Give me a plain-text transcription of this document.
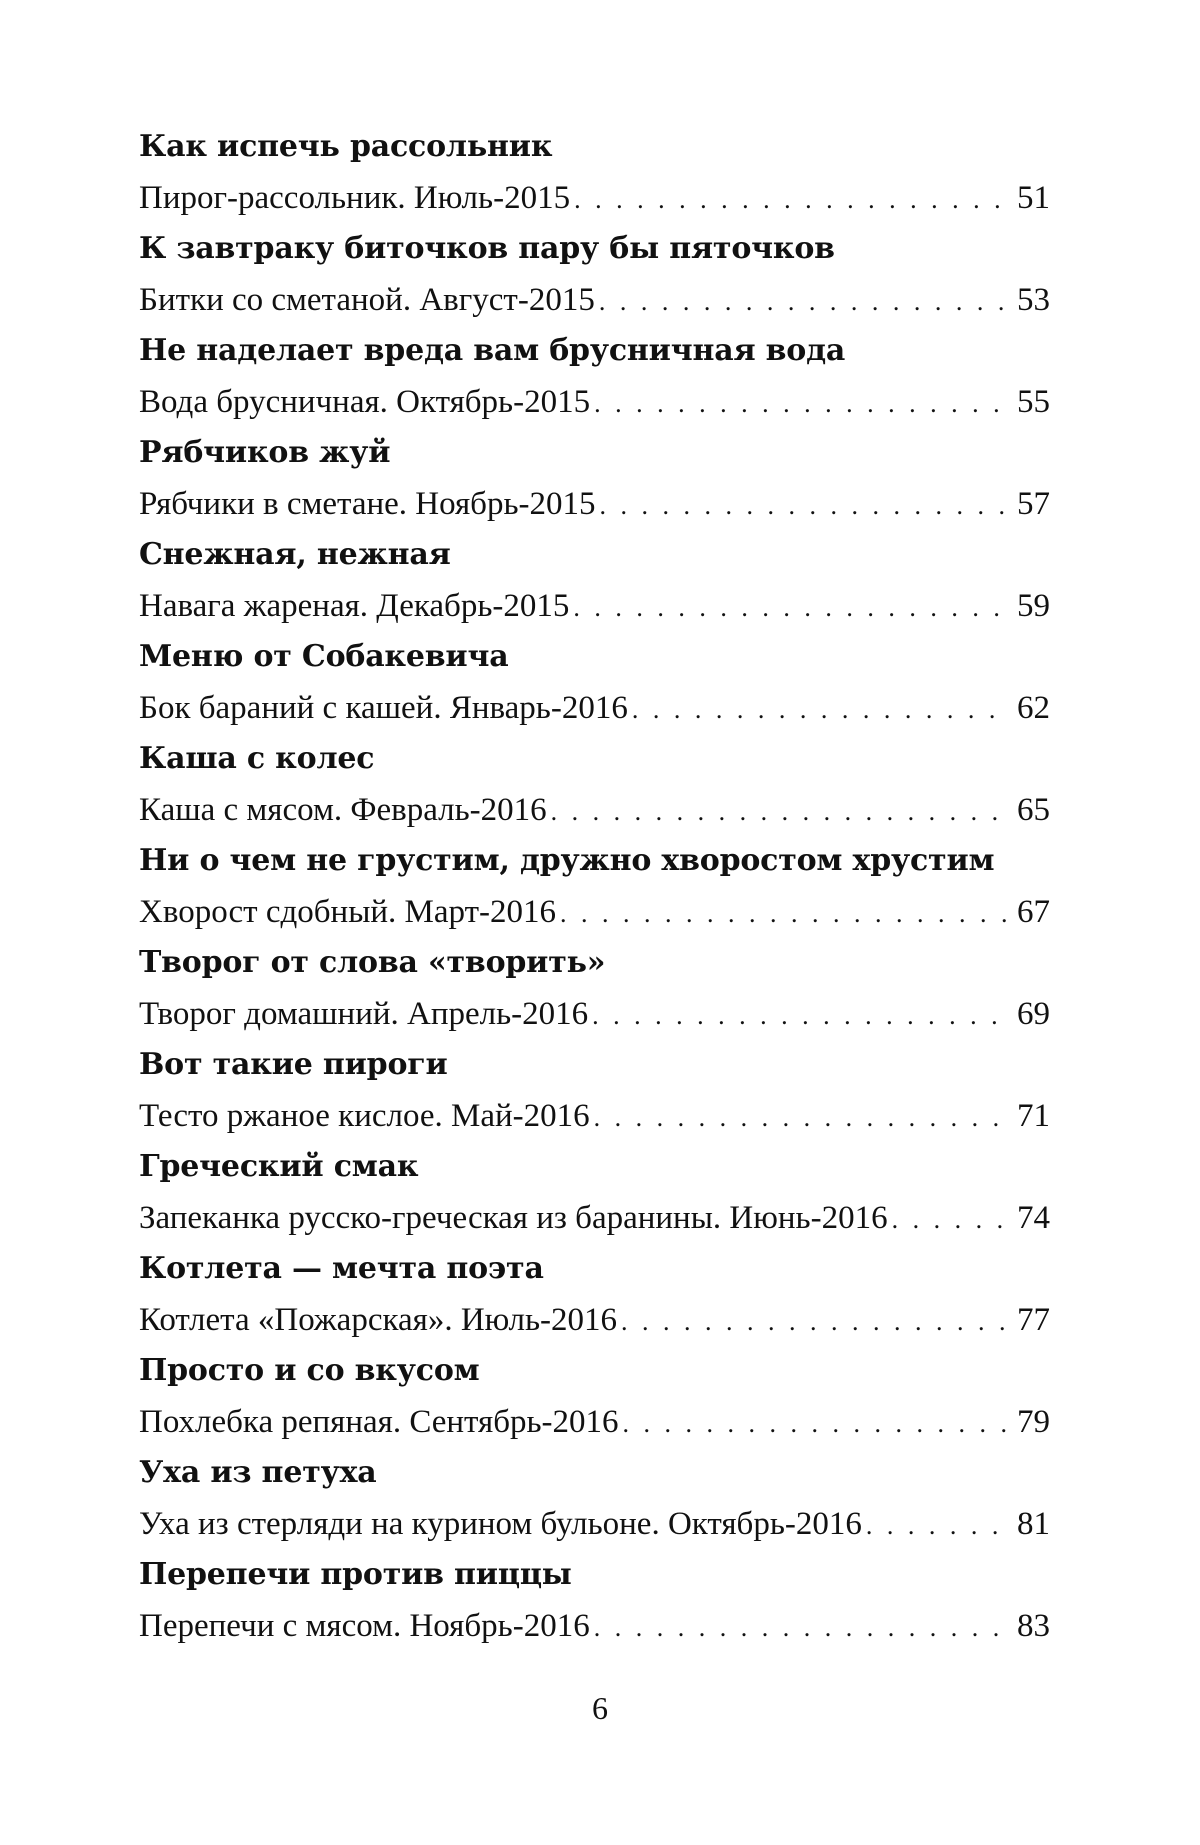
Как испечь рассольник
Пирог-рассольник. Июль-2015 . . .	51
К завтраку биточков пару бы пяточков
Битки со сметаной. Август-2015 . . .	53
Не наделает вреда вам брусничная вода
Вода брусничная. Октябрь-2015 . . .	55
Рябчиков жуй
Рябчики в сметане. Ноябрь-2015 . . .	57
Снежная, нежная
Навага жареная. Декабрь-2015 . . .	59
Меню от Собакевича
Бок бараний с кашей. Январь-2016 . . .	62
Каша с колес
Каша с мясом. Февраль-2016 . . .	65
Ни о чем не грустим, дружно хворостом хрустим
Хворост сдобный. Март-2016 . . .	67
Творог от слова «творить»
Творог домашний. Апрель-2016 . . .	69
Вот такие пироги
Тесто ржаное кислое. Май-2016 . . .	71
Греческий смак
Запеканка русско-греческая из баранины. Июнь-2016 . . .	74
Котлета — мечта поэта
Котлета «Пожарская». Июль-2016 . . .	77
Просто и со вкусом
Похлебка репяная. Сентябрь-2016 . . .	79
Уха из петуха
Уха из стерляди на курином бульоне. Октябрь-2016 . . .	81
Перепечи против пиццы
Перепечи с мясом. Ноябрь-2016 . . .	83
6
